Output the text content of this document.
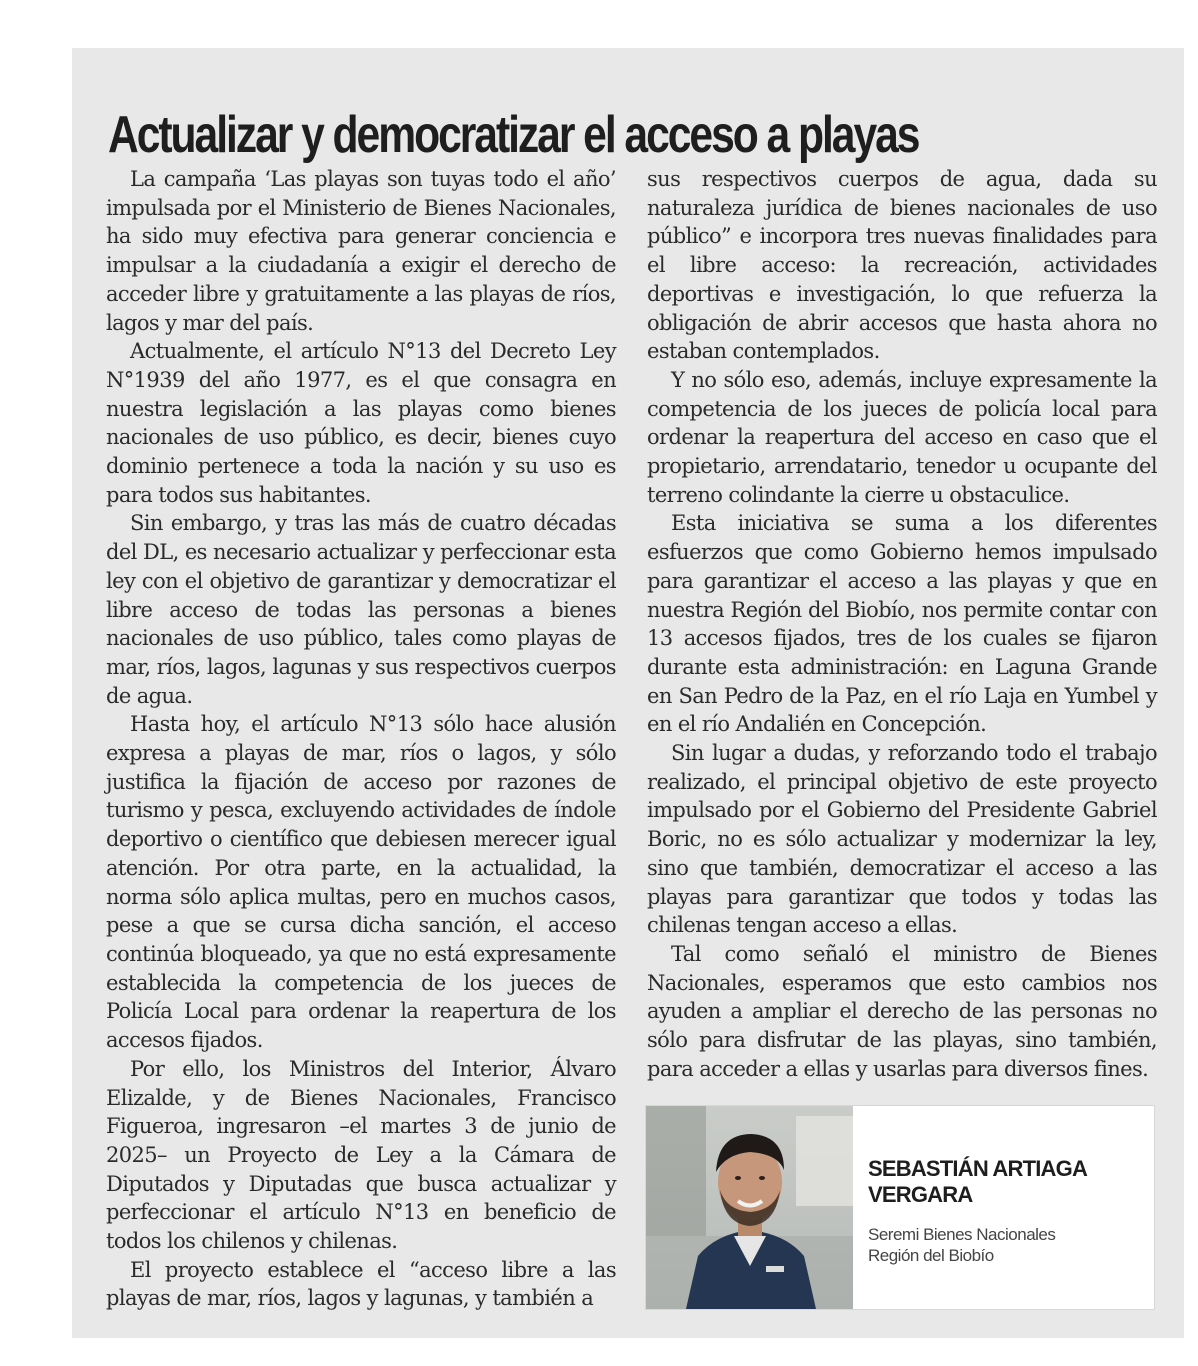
Actualizar y democratizar el acceso a playas

La campaña ‘Las playas son tuyas todo el año’ impulsada por el Ministerio de Bienes Nacionales, ha sido muy efectiva para generar conciencia e impulsar a la ciudadanía a exigir el derecho de acceder libre y gratuitamente a las playas de ríos, lagos y mar del país.

Actualmente, el artículo N°13 del Decreto Ley N°1939 del año 1977, es el que consagra en nuestra legislación a las playas como bienes nacionales de uso público, es decir, bienes cuyo dominio pertenece a toda la nación y su uso es para todos sus habitantes.

Sin embargo, y tras las más de cuatro décadas del DL, es necesario actualizar y perfeccionar esta ley con el objetivo de garantizar y democratizar el libre acceso de todas las personas a bienes nacionales de uso público, tales como playas de mar, ríos, lagos, lagunas y sus respectivos cuerpos de agua.

Hasta hoy, el artículo N°13 sólo hace alusión expresa a playas de mar, ríos o lagos, y sólo justifica la fijación de acceso por razones de turismo y pesca, excluyendo actividades de índole deportivo o científico que debiesen merecer igual atención. Por otra parte, en la actualidad, la norma sólo aplica multas, pero en muchos casos, pese a que se cursa dicha sanción, el acceso continúa bloqueado, ya que no está expresamente establecida la competencia de los jueces de Policía Local para ordenar la reapertura de los accesos fijados.

Por ello, los Ministros del Interior, Álvaro Elizalde, y de Bienes Nacionales, Francisco Figueroa, ingresaron –el martes 3 de junio de 2025– un Proyecto de Ley a la Cámara de Diputados y Diputadas que busca actualizar y perfeccionar el artículo N°13 en beneficio de todos los chilenos y chilenas.

El proyecto establece el “acceso libre a las playas de mar, ríos, lagos y lagunas, y también a

sus respectivos cuerpos de agua, dada su naturaleza jurídica de bienes nacionales de uso público” e incorpora tres nuevas finalidades para el libre acceso: la recreación, actividades deportivas e investigación, lo que refuerza la obligación de abrir accesos que hasta ahora no estaban contemplados.

Y no sólo eso, además, incluye expresamente la competencia de los jueces de policía local para ordenar la reapertura del acceso en caso que el propietario, arrendatario, tenedor u ocupante del terreno colindante la cierre u obstaculice.

Esta iniciativa se suma a los diferentes esfuerzos que como Gobierno hemos impulsado para garantizar el acceso a las playas y que en nuestra Región del Biobío, nos permite contar con 13 accesos fijados, tres de los cuales se fijaron durante esta administración: en Laguna Grande en San Pedro de la Paz, en el río Laja en Yumbel y en el río Andalién en Concepción.

Sin lugar a dudas, y reforzando todo el trabajo realizado, el principal objetivo de este proyecto impulsado por el Gobierno del Presidente Gabriel Boric, no es sólo actualizar y modernizar la ley, sino que también, democratizar el acceso a las playas para garantizar que todos y todas las chilenas tengan acceso a ellas.

Tal como señaló el ministro de Bienes Nacionales, esperamos que esto cambios nos ayuden a ampliar el derecho de las personas no sólo para disfrutar de las playas, sino también, para acceder a ellas y usarlas para diversos fines.

SEBASTIÁN ARTIAGA VERGARA
Seremi Bienes Nacionales
Región del Biobío
